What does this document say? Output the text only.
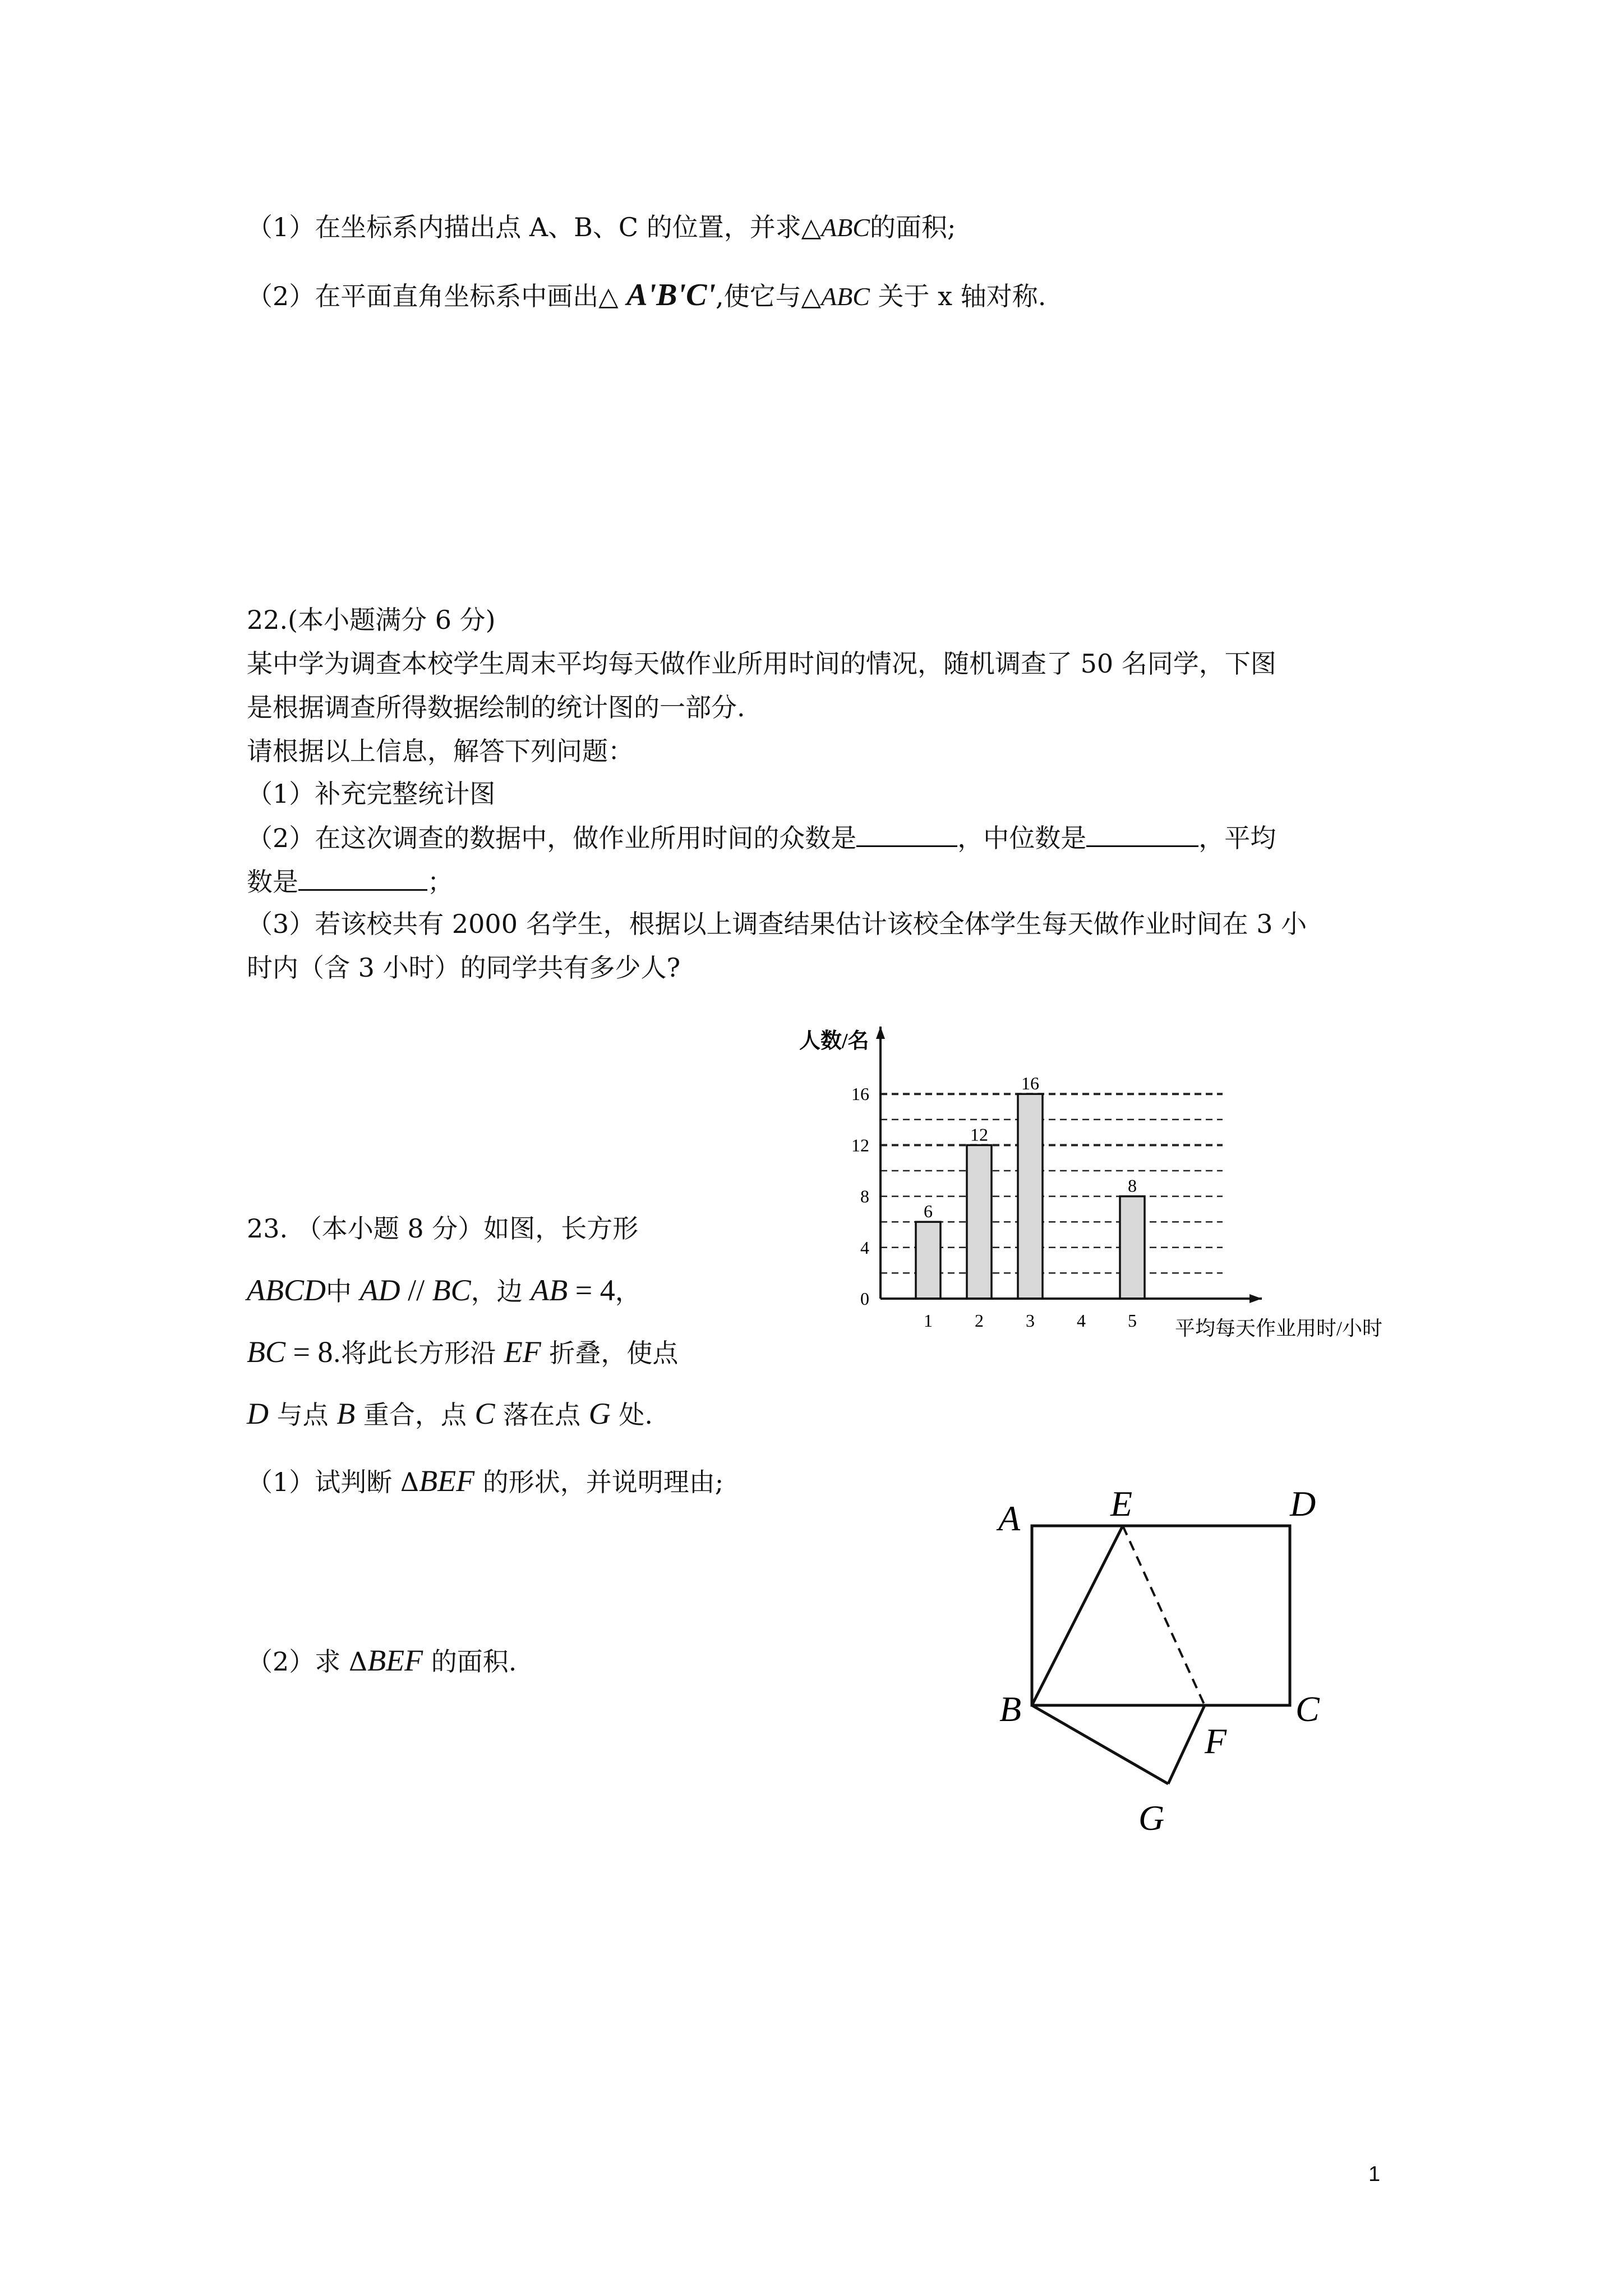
（1）在坐标系内描出点 A、B、C 的位置，并求△ABC的面积;
（2）在平面直角坐标系中画出△ A'B'C',使它与△ABC 关于 x 轴对称.
22.(本小题满分 6 分)
某中学为调查本校学生周末平均每天做作业所用时间的情况，随机调查了 50 名同学，下图
是根据调查所得数据绘制的统计图的一部分.
请根据以上信息，解答下列问题：
（1）补充完整统计图
（2）在这次调查的数据中，做作业所用时间的众数是	，中位数是	，平均
数是	；
（3）若该校共有 2000 名学生，根据以上调查结果估计该校全体学生每天做作业时间在 3 小
时内（含 3 小时）的同学共有多少人?
6
12
16
8
0
4
8
12
16
1 2 3 4 5
人数/名
平均每天作业用时/小时
23. （本小题 8 分）如图，长方形
ABCD中 AD // BC，边 AB = 4，
BC = 8.将此长方形沿 EF 折叠，使点
D 与点 B 重合，点 C 落在点 G 处.
（1）试判断 ΔBEF 的形状，并说明理由;
（2）求 ΔBEF 的面积.
A	E	D
B
F
C
G
1
